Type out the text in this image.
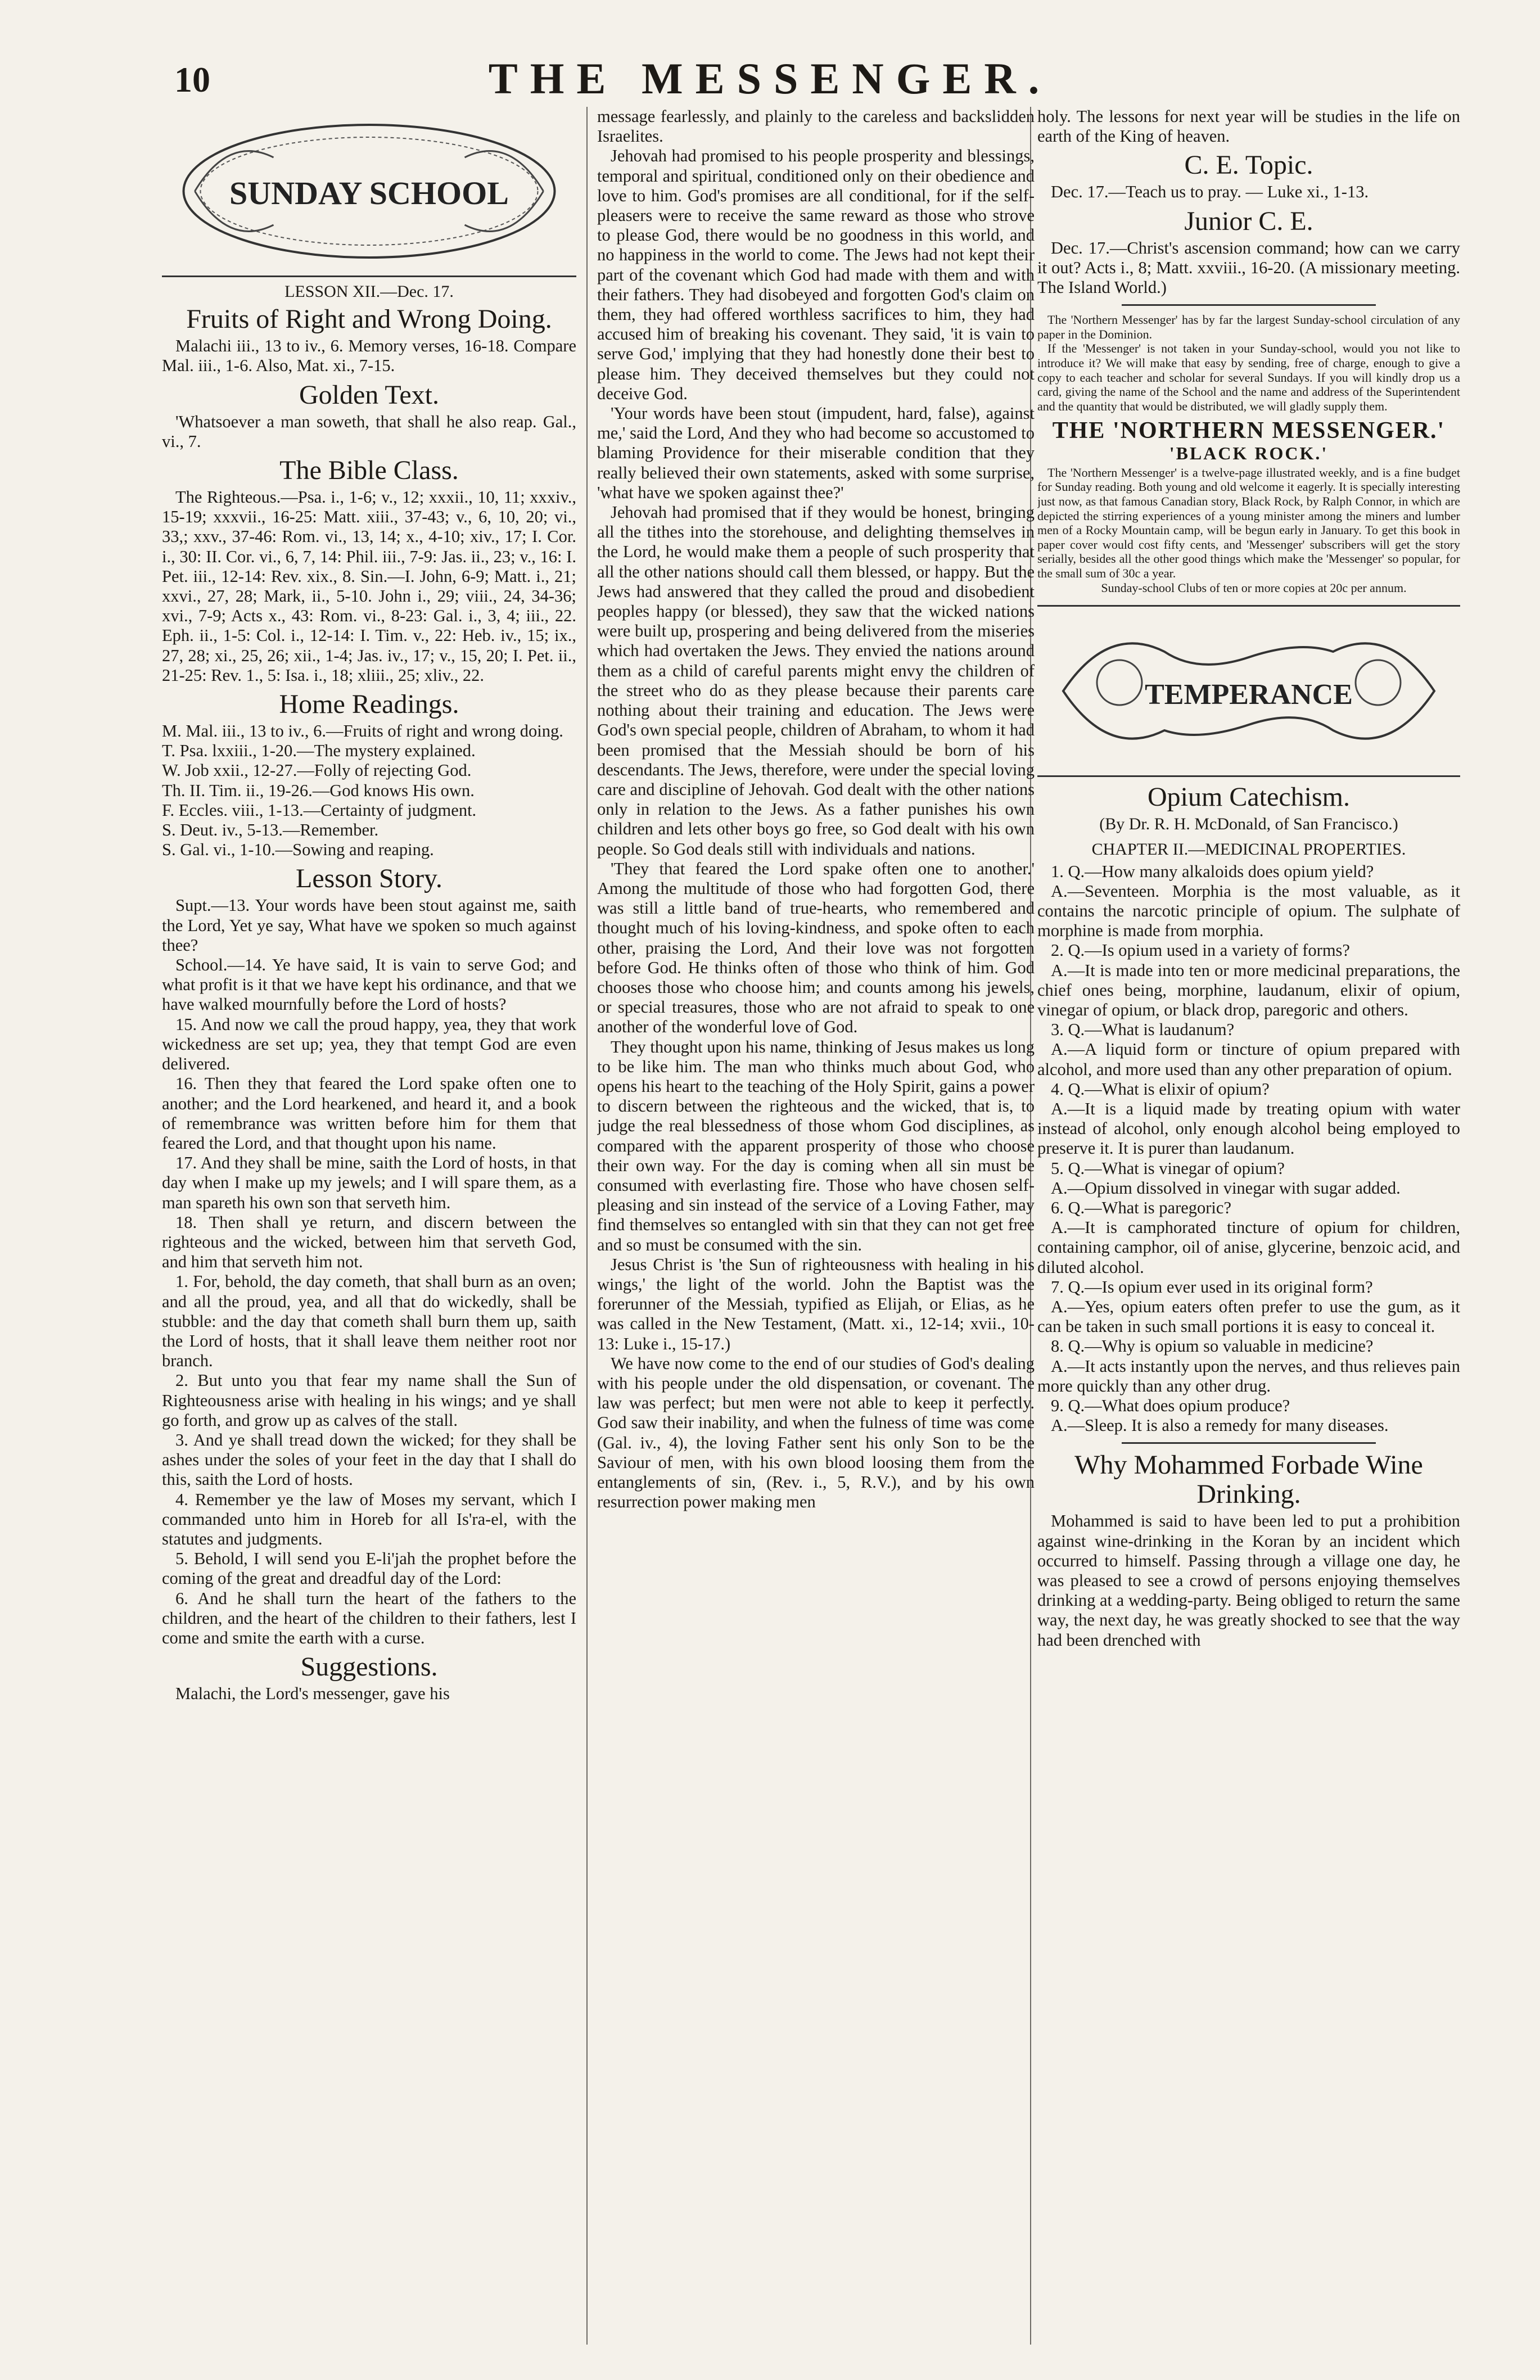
10	THE MESSENGER.
SUNDAY SCHOOL
LESSON XII.—Dec. 17.
Fruits of Right and Wrong Doing.

Malachi iii., 13 to iv., 6. Memory verses, 16-18. Compare Mal. iii., 1-6. Also, Mat. xi., 7-15.

Golden Text.

'Whatsoever a man soweth, that shall he also reap. Gal., vi., 7.

The Bible Class.

The Righteous.—Psa. i., 1-6; v., 12; xxxii., 10, 11; xxxiv., 15-19; xxxvii., 16-25: Matt. xiii., 37-43; v., 6, 10, 20; vi., 33,; xxv., 37-46: Rom. vi., 13, 14; x., 4-10; xiv., 17; I. Cor. i., 30: II. Cor. vi., 6, 7, 14: Phil. iii., 7-9: Jas. ii., 23; v., 16: I. Pet. iii., 12-14: Rev. xix., 8. Sin.—I. John, 6-9; Matt. i., 21; xxvi., 27, 28; Mark, ii., 5-10. John i., 29; viii., 24, 34-36; xvi., 7-9; Acts x., 43: Rom. vi., 8-23: Gal. i., 3, 4; iii., 22. Eph. ii., 1-5: Col. i., 12-14: I. Tim. v., 22: Heb. iv., 15; ix., 27, 28; xi., 25, 26; xii., 1-4; Jas. iv., 17; v., 15, 20; I. Pet. ii., 21-25: Rev. 1., 5: Isa. i., 18; xliii., 25; xliv., 22.

Home Readings.

M. Mal. iii., 13 to iv., 6.—Fruits of right and wrong doing.

T. Psa. lxxiii., 1-20.—The mystery explained.

W. Job xxii., 12-27.—Folly of rejecting God.

Th. II. Tim. ii., 19-26.—God knows His own.

F. Eccles. viii., 1-13.—Certainty of judgment.

S. Deut. iv., 5-13.—Remember.

S. Gal. vi., 1-10.—Sowing and reaping.

Lesson Story.

Supt.—13. Your words have been stout against me, saith the Lord, Yet ye say, What have we spoken so much against thee?

School.—14. Ye have said, It is vain to serve God; and what profit is it that we have kept his ordinance, and that we have walked mournfully before the Lord of hosts?

15. And now we call the proud happy, yea, they that work wickedness are set up; yea, they that tempt God are even delivered.

16. Then they that feared the Lord spake often one to another; and the Lord hearkened, and heard it, and a book of remembrance was written before him for them that feared the Lord, and that thought upon his name.

17. And they shall be mine, saith the Lord of hosts, in that day when I make up my jewels; and I will spare them, as a man spareth his own son that serveth him.

18. Then shall ye return, and discern between the righteous and the wicked, between him that serveth God, and him that serveth him not.

1. For, behold, the day cometh, that shall burn as an oven; and all the proud, yea, and all that do wickedly, shall be stubble: and the day that cometh shall burn them up, saith the Lord of hosts, that it shall leave them neither root nor branch.

2. But unto you that fear my name shall the Sun of Righteousness arise with healing in his wings; and ye shall go forth, and grow up as calves of the stall.

3. And ye shall tread down the wicked; for they shall be ashes under the soles of your feet in the day that I shall do this, saith the Lord of hosts.

4. Remember ye the law of Moses my servant, which I commanded unto him in Horeb for all Is'ra-el, with the statutes and judgments.

5. Behold, I will send you E-li'jah the prophet before the coming of the great and dreadful day of the Lord:

6. And he shall turn the heart of the fathers to the children, and the heart of the children to their fathers, lest I come and smite the earth with a curse.

Suggestions.

Malachi, the Lord's messenger, gave his

message fearlessly, and plainly to the careless and backslidden Israelites.

Jehovah had promised to his people prosperity and blessings, temporal and spiritual, conditioned only on their obedience and love to him. God's promises are all conditional, for if the self-pleasers were to receive the same reward as those who strove to please God, there would be no goodness in this world, and no happiness in the world to come. The Jews had not kept their part of the covenant which God had made with them and with their fathers. They had disobeyed and forgotten God's claim on them, they had offered worthless sacrifices to him, they had accused him of breaking his covenant. They said, 'it is vain to serve God,' implying that they had honestly done their best to please him. They deceived themselves but they could not deceive God.

'Your words have been stout (impudent, hard, false), against me,' said the Lord, And they who had become so accustomed to blaming Providence for their miserable condition that they really believed their own statements, asked with some surprise, 'what have we spoken against thee?'

Jehovah had promised that if they would be honest, bringing all the tithes into the storehouse, and delighting themselves in the Lord, he would make them a people of such prosperity that all the other nations should call them blessed, or happy. But the Jews had answered that they called the proud and disobedient peoples happy (or blessed), they saw that the wicked nations were built up, prospering and being delivered from the miseries which had overtaken the Jews. They envied the nations around them as a child of careful parents might envy the children of the street who do as they please because their parents care nothing about their training and education. The Jews were God's own special people, children of Abraham, to whom it had been promised that the Messiah should be born of his descendants. The Jews, therefore, were under the special loving care and discipline of Jehovah. God dealt with the other nations only in relation to the Jews. As a father punishes his own children and lets other boys go free, so God dealt with his own people. So God deals still with individuals and nations.

'They that feared the Lord spake often one to another.' Among the multitude of those who had forgotten God, there was still a little band of true-hearts, who remembered and thought much of his loving-kindness, and spoke often to each other, praising the Lord, And their love was not forgotten before God. He thinks often of those who think of him. God chooses those who choose him; and counts among his jewels, or special treasures, those who are not afraid to speak to one another of the wonderful love of God.

They thought upon his name, thinking of Jesus makes us long to be like him. The man who thinks much about God, who opens his heart to the teaching of the Holy Spirit, gains a power to discern between the righteous and the wicked, that is, to judge the real blessedness of those whom God disciplines, as compared with the apparent prosperity of those who choose their own way. For the day is coming when all sin must be consumed with everlasting fire. Those who have chosen self-pleasing and sin instead of the service of a Loving Father, may find themselves so entangled with sin that they can not get free and so must be consumed with the sin.

Jesus Christ is 'the Sun of righteousness with healing in his wings,' the light of the world. John the Baptist was the forerunner of the Messiah, typified as Elijah, or Elias, as he was called in the New Testament, (Matt. xi., 12-14; xvii., 10-13: Luke i., 15-17.)

We have now come to the end of our studies of God's dealing with his people under the old dispensation, or covenant. The law was perfect; but men were not able to keep it perfectly. God saw their inability, and when the fulness of time was come (Gal. iv., 4), the loving Father sent his only Son to be the Saviour of men, with his own blood loosing them from the entanglements of sin, (Rev. i., 5, R.V.), and by his own resurrection power making men

holy. The lessons for next year will be studies in the life on earth of the King of heaven.

C. E. Topic.

Dec. 17.—Teach us to pray. — Luke xi., 1-13.

Junior C. E.

Dec. 17.—Christ's ascension command; how can we carry it out? Acts i., 8; Matt. xxviii., 16-20. (A missionary meeting. The Island World.)

The 'Northern Messenger' has by far the largest Sunday-school circulation of any paper in the Dominion.

If the 'Messenger' is not taken in your Sunday-school, would you not like to introduce it? We will make that easy by sending, free of charge, enough to give a copy to each teacher and scholar for several Sundays. If you will kindly drop us a card, giving the name of the School and the name and address of the Superintendent and the quantity that would be distributed, we will gladly supply them.

THE 'NORTHERN MESSENGER.'
'BLACK ROCK.'

The 'Northern Messenger' is a twelve-page illustrated weekly, and is a fine budget for Sunday reading. Both young and old welcome it eagerly. It is specially interesting just now, as that famous Canadian story, Black Rock, by Ralph Connor, in which are depicted the stirring experiences of a young minister among the miners and lumber men of a Rocky Mountain camp, will be begun early in January. To get this book in paper cover would cost fifty cents, and 'Messenger' subscribers will get the story serially, besides all the other good things which make the 'Messenger' so popular, for the small sum of 30c a year.

Sunday-school Clubs of ten or more copies at 20c per annum.

TEMPERANCE
Opium Catechism.
(By Dr. R. H. McDonald, of San Francisco.)
CHAPTER II.—MEDICINAL PROPERTIES.

1. Q.—How many alkaloids does opium yield?

A.—Seventeen. Morphia is the most valuable, as it contains the narcotic principle of opium. The sulphate of morphine is made from morphia.

2. Q.—Is opium used in a variety of forms?

A.—It is made into ten or more medicinal preparations, the chief ones being, morphine, laudanum, elixir of opium, vinegar of opium, or black drop, paregoric and others.

3. Q.—What is laudanum?

A.—A liquid form or tincture of opium prepared with alcohol, and more used than any other preparation of opium.

4. Q.—What is elixir of opium?

A.—It is a liquid made by treating opium with water instead of alcohol, only enough alcohol being employed to preserve it. It is purer than laudanum.

5. Q.—What is vinegar of opium?

A.—Opium dissolved in vinegar with sugar added.

6. Q.—What is paregoric?

A.—It is camphorated tincture of opium for children, containing camphor, oil of anise, glycerine, benzoic acid, and diluted alcohol.

7. Q.—Is opium ever used in its original form?

A.—Yes, opium eaters often prefer to use the gum, as it can be taken in such small portions it is easy to conceal it.

8. Q.—Why is opium so valuable in medicine?

A.—It acts instantly upon the nerves, and thus relieves pain more quickly than any other drug.

9. Q.—What does opium produce?

A.—Sleep. It is also a remedy for many diseases.

Why Mohammed Forbade Wine Drinking.

Mohammed is said to have been led to put a prohibition against wine-drinking in the Koran by an incident which occurred to himself. Passing through a village one day, he was pleased to see a crowd of persons enjoying themselves drinking at a wedding-party. Being obliged to return the same way, the next day, he was greatly shocked to see that the way had been drenched with
